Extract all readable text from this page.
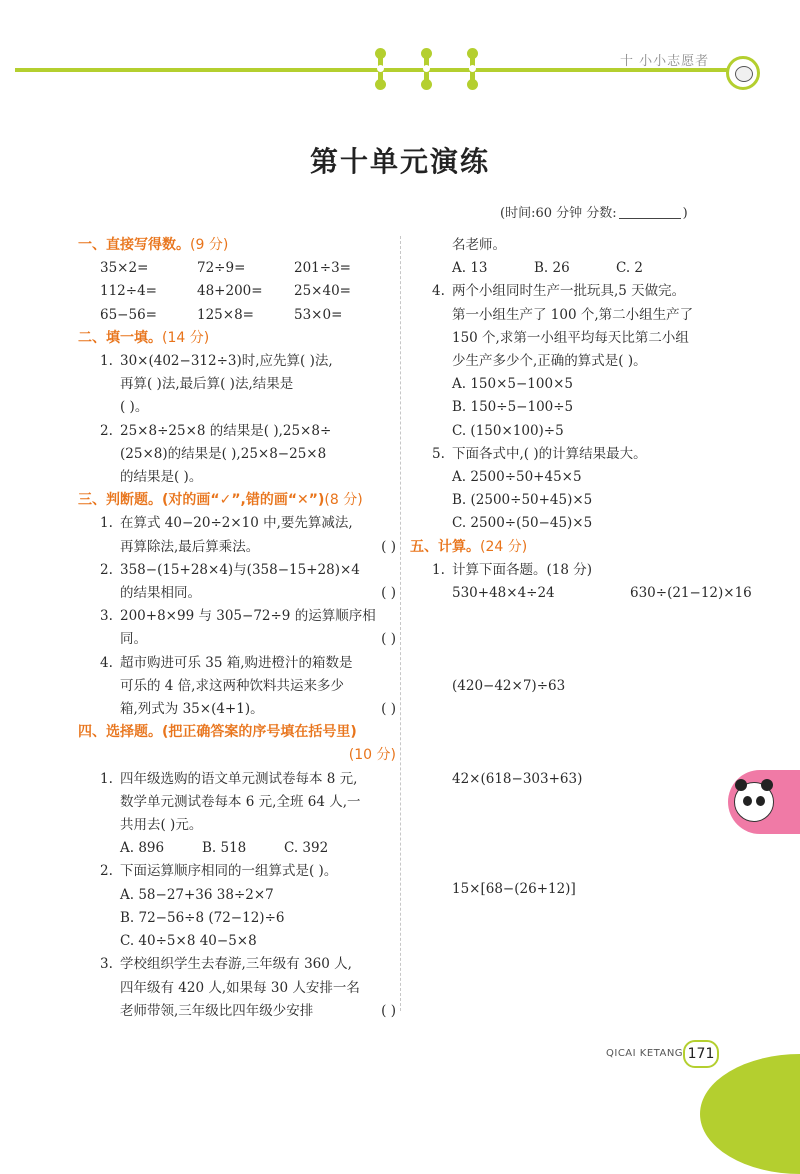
十 小小志愿者
第十单元演练
(时间:60 分钟 分数:	)
一、直接写得数。(9 分)
35×2=	72÷9=	201÷3=
112÷4=	48+200=	25×40=
65−56=	125×8=	53×0=
二、填一填。(14 分)
1. 30×(402−312÷3)时,应先算( )法,
再算( )法,最后算( )法,结果是
( )。
2. 25×8÷25×8 的结果是( ),25×8÷
(25×8)的结果是( ),25×8−25×8
的结果是( )。
三、判断题。(对的画“✓”,错的画“✕”)(8 分)
1. 在算式 40−20÷2×10 中,要先算减法,
再算除法,最后算乘法。	( )
2. 358−(15+28×4)与(358−15+28)×4
的结果相同。	( )
3. 200+8×99 与 305−72÷9 的运算顺序相
同。	( )
4. 超市购进可乐 35 箱,购进橙汁的箱数是
可乐的 4 倍,求这两种饮料共运来多少
箱,列式为 35×(4+1)。	( )
四、选择题。(把正确答案的序号填在括号里)
(10 分)
1. 四年级选购的语文单元测试卷每本 8 元,
数学单元测试卷每本 6 元,全班 64 人,一
共用去( )元。
A. 896	B. 518	C. 392
2. 下面运算顺序相同的一组算式是( )。
A. 58−27+36 38÷2×7
B. 72−56÷8 (72−12)÷6
C. 40÷5×8 40−5×8
3. 学校组织学生去春游,三年级有 360 人,
四年级有 420 人,如果每 30 人安排一名
老师带领,三年级比四年级少安排	( )
名老师。
A. 13	B. 26	C. 2
4. 两个小组同时生产一批玩具,5 天做完。
第一小组生产了 100 个,第二小组生产了
150 个,求第一小组平均每天比第二小组
少生产多少个,正确的算式是( )。
A. 150×5−100×5
B. 150÷5−100÷5
C. (150×100)÷5
5. 下面各式中,( )的计算结果最大。
A. 2500÷50+45×5
B. (2500÷50+45)×5
C. 2500÷(50−45)×5
五、计算。(24 分)
1. 计算下面各题。(18 分)
530+48×4÷24	630÷(21−12)×16
(420−42×7)÷63
42×(618−303+63)
15×[68−(26+12)]
QICAI KETANG 171
